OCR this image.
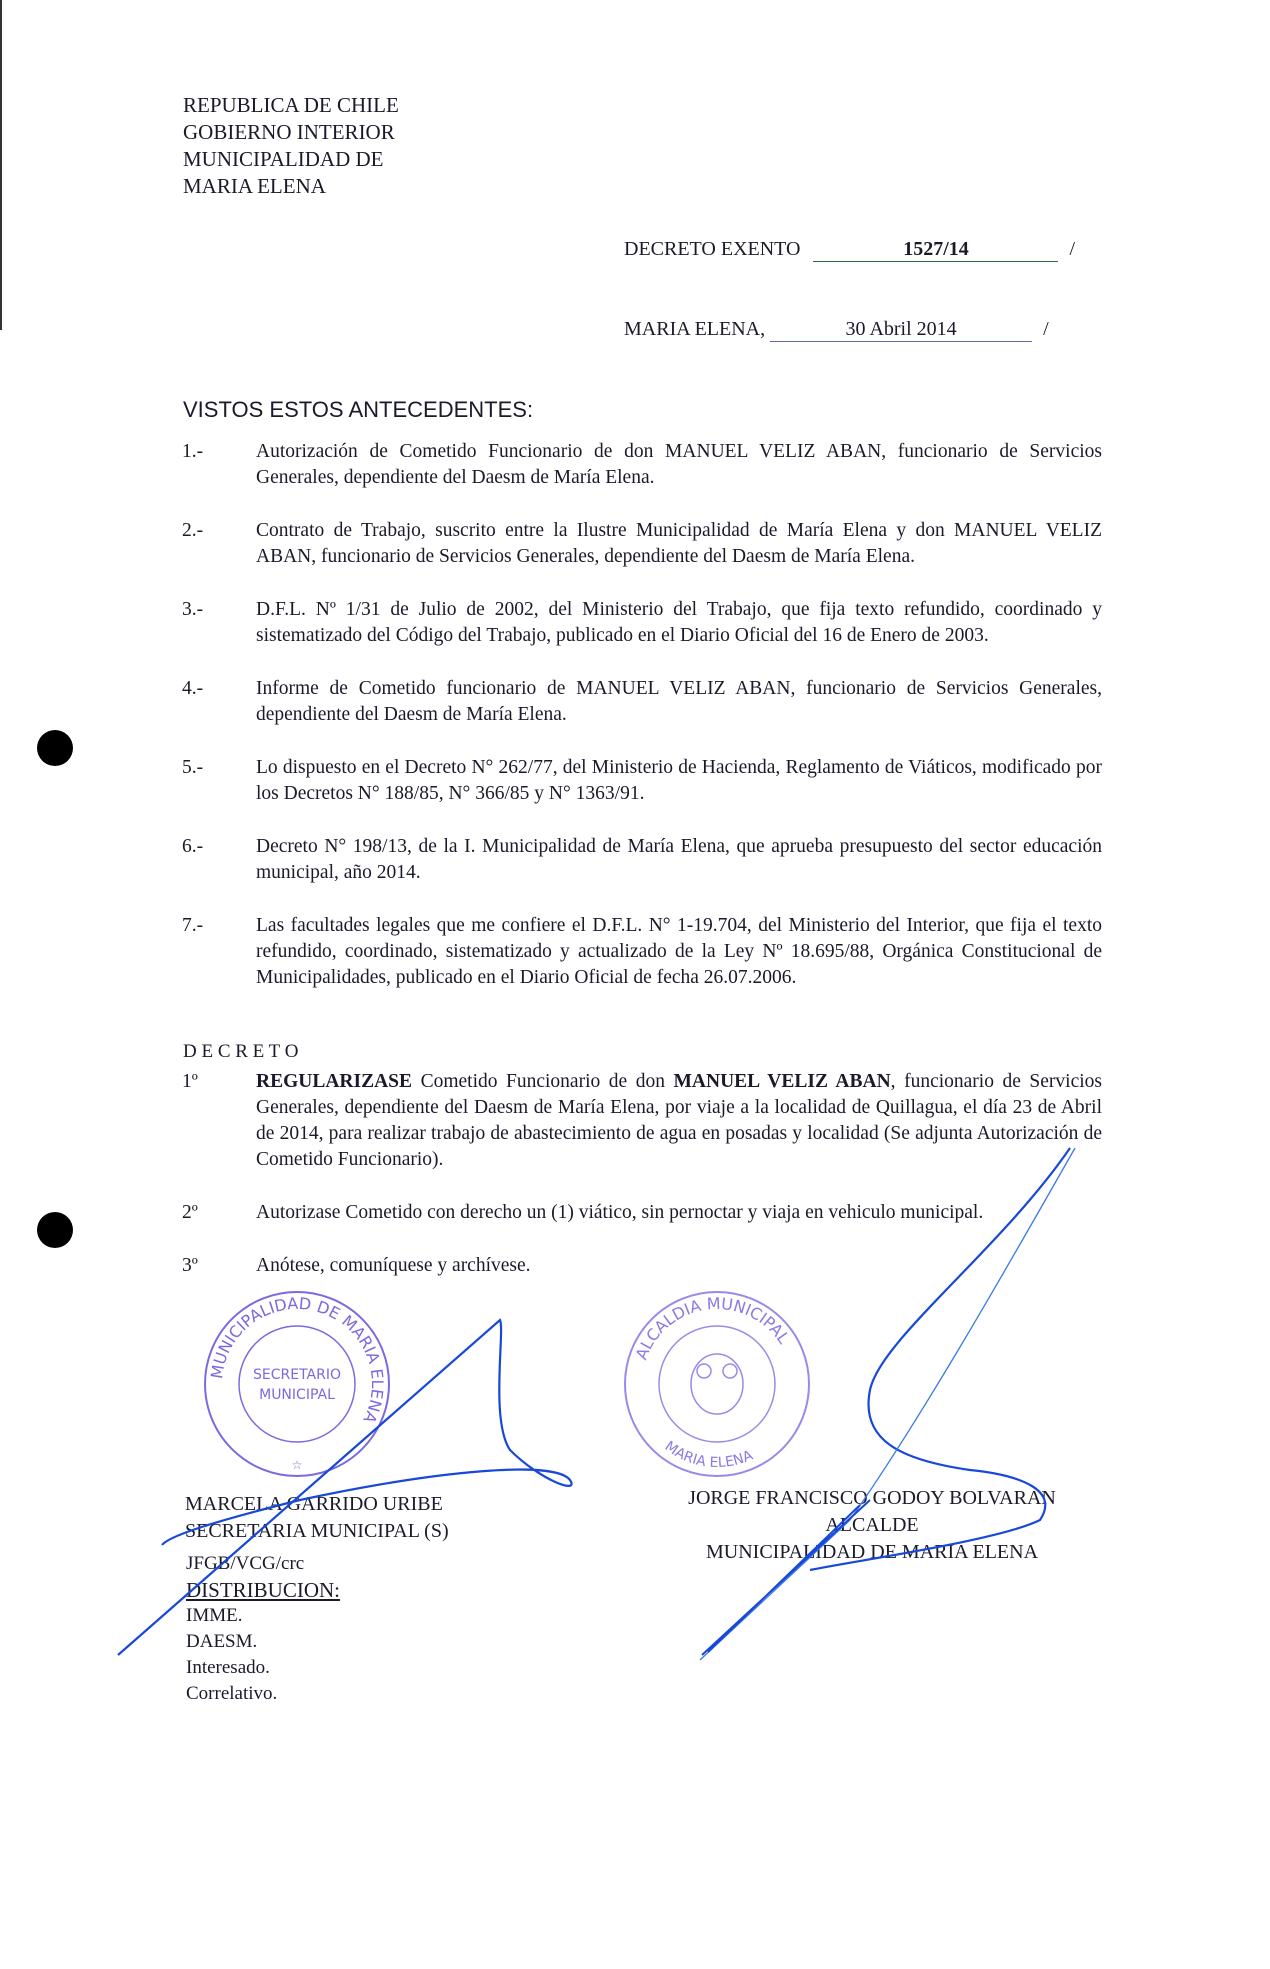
REPUBLICA DE CHILE
GOBIERNO INTERIOR
MUNICIPALIDAD DE
MARIA ELENA
DECRETO EXENTO	1527/14	/
MARIA ELENA,	30 Abril 2014	/
VISTOS ESTOS ANTECEDENTES:
1.-	Autorización de Cometido Funcionario de don MANUEL VELIZ ABAN, funcionario de Servicios Generales, dependiente del Daesm de María Elena.
2.-	Contrato de Trabajo, suscrito entre la Ilustre Municipalidad de María Elena y don MANUEL VELIZ ABAN, funcionario de Servicios Generales, dependiente del Daesm de María Elena.
3.-	D.F.L. Nº 1/31 de Julio de 2002, del Ministerio del Trabajo, que fija texto refundido, coordinado y sistematizado del Código del Trabajo, publicado en el Diario Oficial del 16 de Enero de 2003.
4.-	Informe de Cometido funcionario de MANUEL VELIZ ABAN, funcionario de Servicios Generales, dependiente del Daesm de María Elena.
5.-	Lo dispuesto en el Decreto N° 262/77, del Ministerio de Hacienda, Reglamento de Viáticos, modificado por los Decretos N° 188/85, N° 366/85 y N° 1363/91.
6.-	Decreto N° 198/13, de la I. Municipalidad de María Elena, que aprueba presupuesto del sector educación municipal, año 2014.
7.-	Las facultades legales que me confiere el D.F.L. N° 1-19.704, del Ministerio del Interior, que fija el texto refundido, coordinado, sistematizado y actualizado de la Ley Nº 18.695/88, Orgánica Constitucional de Municipalidades, publicado en el Diario Oficial de fecha 26.07.2006.
D E C R E T O
1º	REGULARIZASE Cometido Funcionario de don MANUEL VELIZ ABAN, funcionario de Servicios Generales, dependiente del Daesm de María Elena, por viaje a la localidad de Quillagua, el día 23 de Abril de 2014, para realizar trabajo de abastecimiento de agua en posadas y localidad (Se adjunta Autorización de Cometido Funcionario).
2º	Autorizase Cometido con derecho un (1) viático, sin pernoctar y viaja en vehiculo municipal.
3º	Anótese, comuníquese y archívese.
MUNICIPALIDAD DE MARIA ELENA
SECRETARIO
MUNICIPAL
☆
ALCALDIA MUNICIPAL
MARIA ELENA
MARCELA GARRIDO URIBE
SECRETARIA MUNICIPAL (S)
JORGE FRANCISCO GODOY BOLVARAN
ALCALDE
MUNICIPALIDAD DE MARIA ELENA
JFGB/VCG/crc
DISTRIBUCION:
IMME.
DAESM.
Interesado.
Correlativo.
